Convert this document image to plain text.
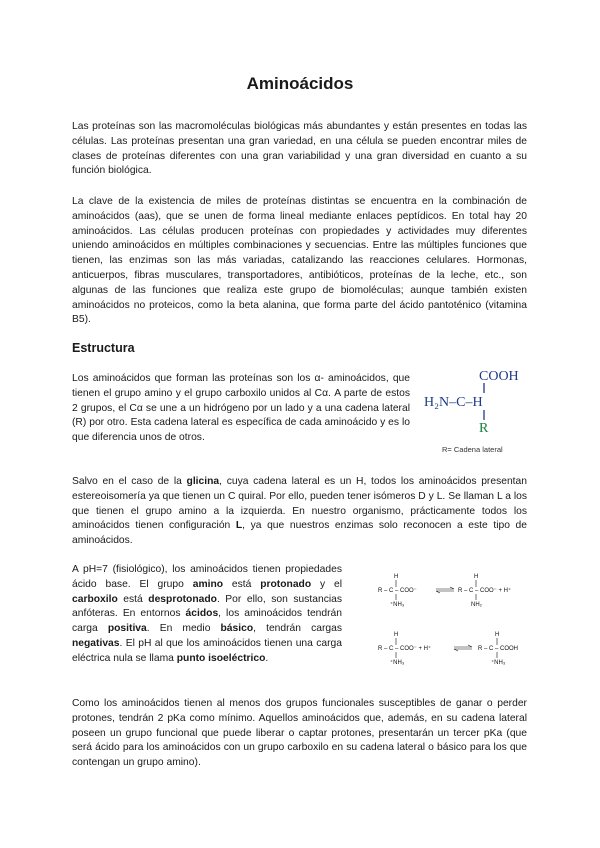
Aminoácidos

Las proteínas son las macromoléculas biológicas más abundantes y están presentes en todas las células. Las proteínas presentan una gran variedad, en una célula se pueden encontrar miles de clases de proteínas diferentes con una gran variabilidad y una gran diversidad en cuanto a su función biológica.

La clave de la existencia de miles de proteínas distintas se encuentra en la combinación de aminoácidos (aas), que se unen de forma lineal mediante enlaces peptídicos. En total hay 20 aminoácidos. Las células producen proteínas con propiedades y actividades muy diferentes uniendo aminoácidos en múltiples combinaciones y secuencias. Entre las múltiples funciones que tienen, las enzimas son las más variadas, catalizando las reacciones celulares. Hormonas, anticuerpos, fibras musculares, transportadores, antibióticos, proteínas de la leche, etc., son algunas de las funciones que realiza este grupo de biomoléculas; aunque también existen aminoácidos no proteicos, como la beta alanina, que forma parte del ácido pantoténico (vitamina B5).

Estructura

Los aminoácidos que forman las proteínas son los α- aminoácidos, que tienen el grupo amino y el grupo carboxilo unidos al Cα. A parte de estos 2 grupos, el Cα se une a un hidrógeno por un lado y a una cadena lateral (R) por otro. Esta cadena lateral es específica de cada aminoácido y es lo que diferencia unos de otros.

COOH
H₂N–C–H
R
R= Cadena lateral

Salvo en el caso de la glicina, cuya cadena lateral es un H, todos los aminoácidos presentan estereoisomería ya que tienen un C quiral. Por ello, pueden tener isómeros D y L. Se llaman L a los que tienen el grupo amino a la izquierda. En nuestro organismo, prácticamente todos los aminoácidos tienen configuración L, ya que nuestros enzimas solo reconocen a este tipo de aminoácidos.

A pH=7 (fisiológico), los aminoácidos tienen propiedades ácido base. El grupo amino está protonado y el carboxilo está desprotonado. Por ello, son sustancias anfóteras. En entornos ácidos, los aminoácidos tendrán carga positiva. En medio básico, tendrán cargas negativas. El pH al que los aminoácidos tienen una carga eléctrica nula se llama punto isoeléctrico.

H
R – C – COO⁻
⁺NH₃
H
R – C – COO⁻ + H⁺
NH₂
H
R – C – COO⁻ + H⁺
⁺NH₃
H
R – C – COOH
⁺NH₃

Como los aminoácidos tienen al menos dos grupos funcionales susceptibles de ganar o perder protones, tendrán 2 pKa como mínimo. Aquellos aminoácidos que, además, en su cadena lateral poseen un grupo funcional que puede liberar o captar protones, presentarán un tercer pKa (que será ácido para los aminoácidos con un grupo carboxilo en su cadena lateral o básico para los que contengan un grupo amino).
